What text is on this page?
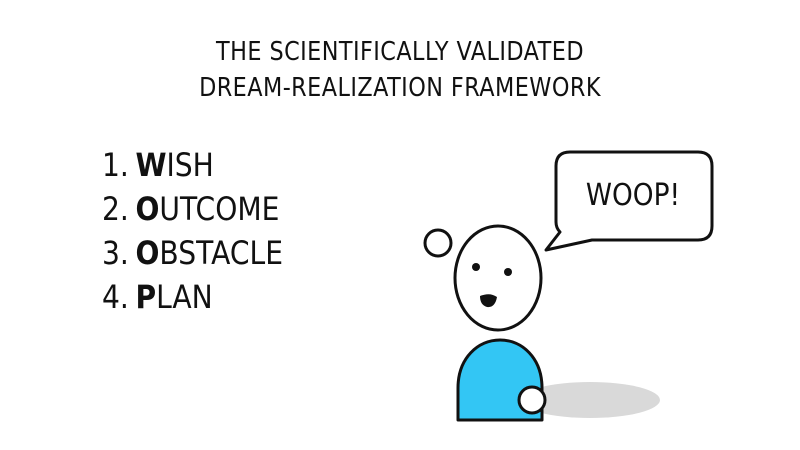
THE SCIENTIFICALLY VALIDATED
DREAM-REALIZATION FRAMEWORK
1. WISH
2. OUTCOME
3. OBSTACLE
4. PLAN
WOOP!
